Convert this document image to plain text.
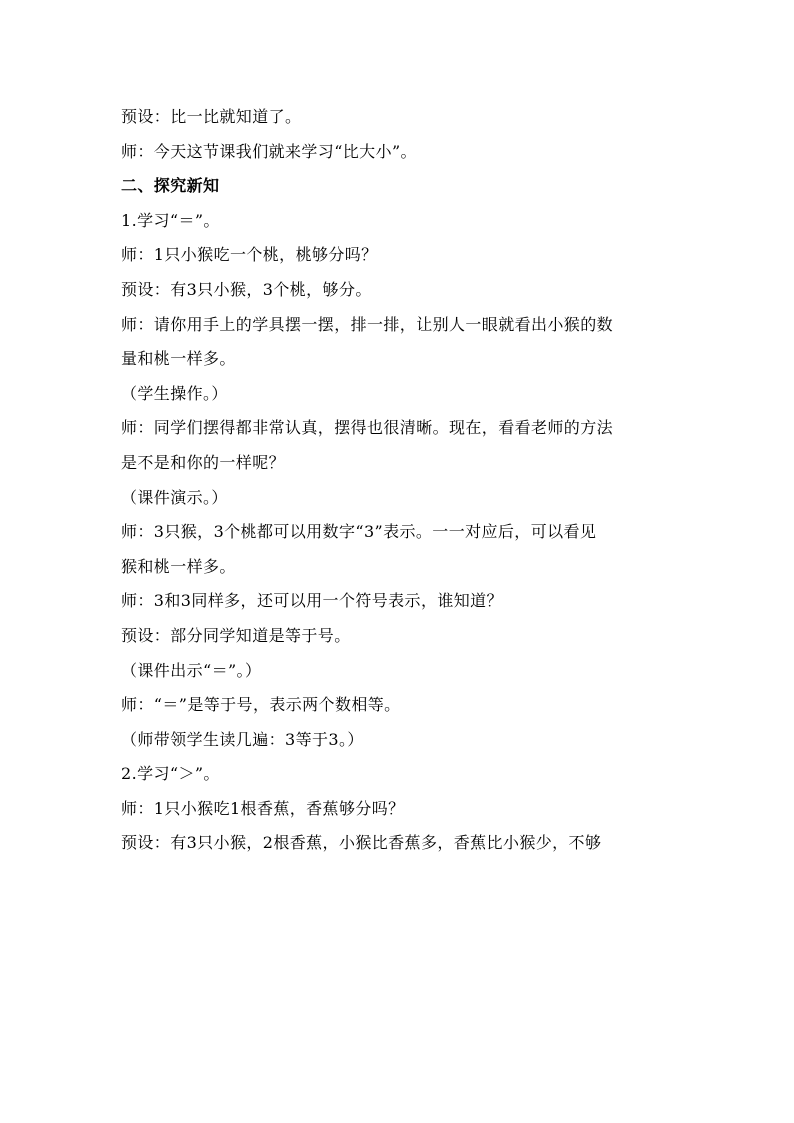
预设：比一比就知道了。
师：今天这节课我们就来学习“比大小”。
二、探究新知
1.学习“＝”。
师：1只小猴吃一个桃，桃够分吗？
预设：有3只小猴，3个桃，够分。
师：请你用手上的学具摆一摆，排一排，让别人一眼就看出小猴的数
量和桃一样多。
（学生操作。）
师：同学们摆得都非常认真，摆得也很清晰。现在，看看老师的方法
是不是和你的一样呢？
（课件演示。）
师：3只猴，3个桃都可以用数字“3”表示。一一对应后，可以看见
猴和桃一样多。
师：3和3同样多，还可以用一个符号表示，谁知道？
预设：部分同学知道是等于号。
（课件出示“＝”。）
师：“＝”是等于号，表示两个数相等。
（师带领学生读几遍：3等于3。）
2.学习“＞”。
师：1只小猴吃1根香蕉，香蕉够分吗？
预设：有3只小猴，2根香蕉，小猴比香蕉多，香蕉比小猴少，不够
